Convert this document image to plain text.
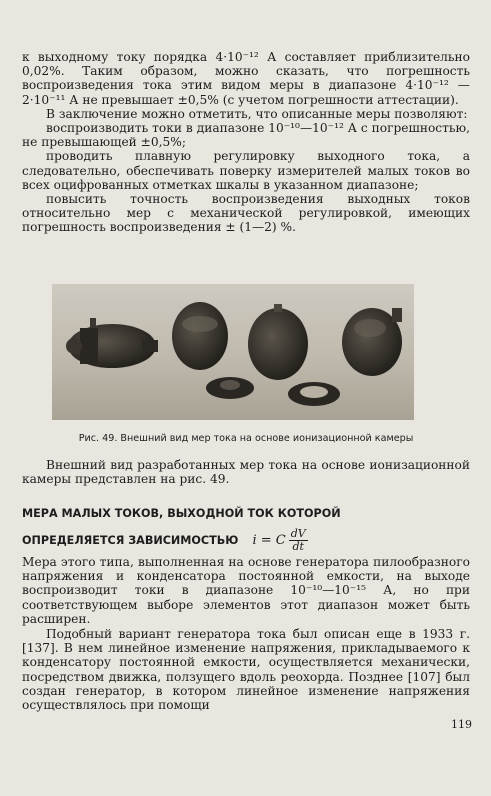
к выходному току порядка 4·10⁻¹² А составляет приблизительно 0,02%. Таким образом, можно сказать, что погрешность воспроизведения тока этим видом меры в диапазоне 4·10⁻¹² — 2·10⁻¹¹ А не превышает ±0,5% (с учетом погрешности аттестации).

В заключение можно отметить, что описанные меры позволяют:

воспроизводить токи в диапазоне 10⁻¹⁰—10⁻¹² А с погрешностью, не превышающей ±0,5%;

проводить плавную регулировку выходного тока, а следовательно, обеспечивать поверку измерителей малых токов во всех оцифрованных отметках шкалы в указанном диапазоне;

повысить точность воспроизведения выходных токов относительно мер с механической регулировкой, имеющих погрешность воспроизведения ± (1—2) %.

Рис. 49. Внешний вид мер тока на основе ионизационной камеры

Внешний вид разработанных мер тока на основе ионизационной камеры представлен на рис. 49.

МЕРА МАЛЫХ ТОКОВ, ВЫХОДНОЙ ТОК КОТОРОЙ
ОПРЕДЕЛЯЕТСЯ ЗАВИСИМОСТЬЮ i = C $\frac{dV}{dt}$

Мера этого типа, выполненная на основе генератора пилообразного напряжения и конденсатора постоянной емкости, на выходе воспроизводит токи в диапазоне 10⁻¹⁰—10⁻¹⁵ А, но при соответствующем выборе элементов этот диапазон может быть расширен.

Подобный вариант генератора тока был описан еще в 1933 г. [137]. В нем линейное изменение напряжения, прикладываемого к конденсатору постоянной емкости, осуществляется механически, посредством движка, ползущего вдоль реохорда. Позднее [107] был создан генератор, в котором линейное изменение напряжения осуществлялось при помощи

119
